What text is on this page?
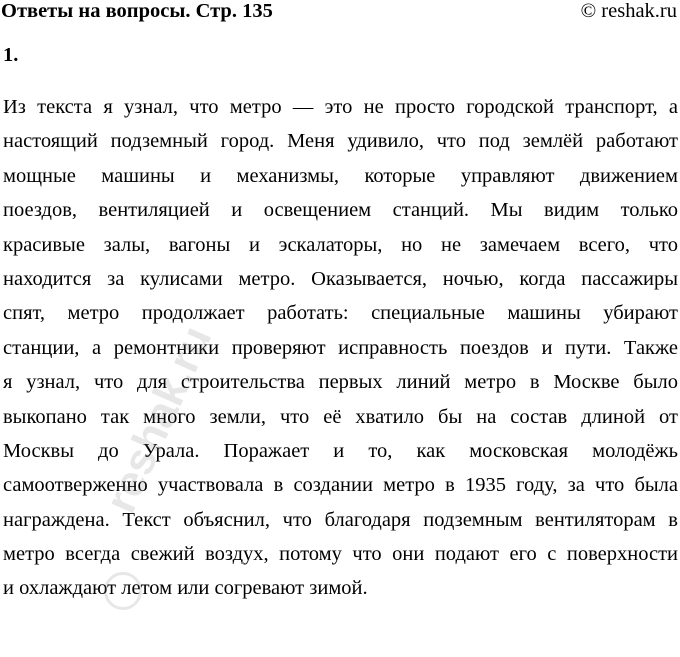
Ответы на вопросы. Стр. 135	© reshak.ru
1.
Из текста я узнал, что метро — это не просто городской транспорт, а
настоящий подземный город. Меня удивило, что под землёй работают
мощные машины и механизмы, которые управляют движением
поездов, вентиляцией и освещением станций. Мы видим только
красивые залы, вагоны и эскалаторы, но не замечаем всего, что
находится за кулисами метро. Оказывается, ночью, когда пассажиры
спят, метро продолжает работать: специальные машины убирают
станции, а ремонтники проверяют исправность поездов и пути. Также
я узнал, что для строительства первых линий метро в Москве было
выкопано так много земли, что её хватило бы на состав длиной от
Москвы до Урала. Поражает и то, как московская молодёжь
самоотверженно участвовала в создании метро в 1935 году, за что была
награждена. Текст объяснил, что благодаря подземным вентиляторам в
метро всегда свежий воздух, потому что они подают его с поверхности
и охлаждают летом или согревают зимой.
reshak.ru
